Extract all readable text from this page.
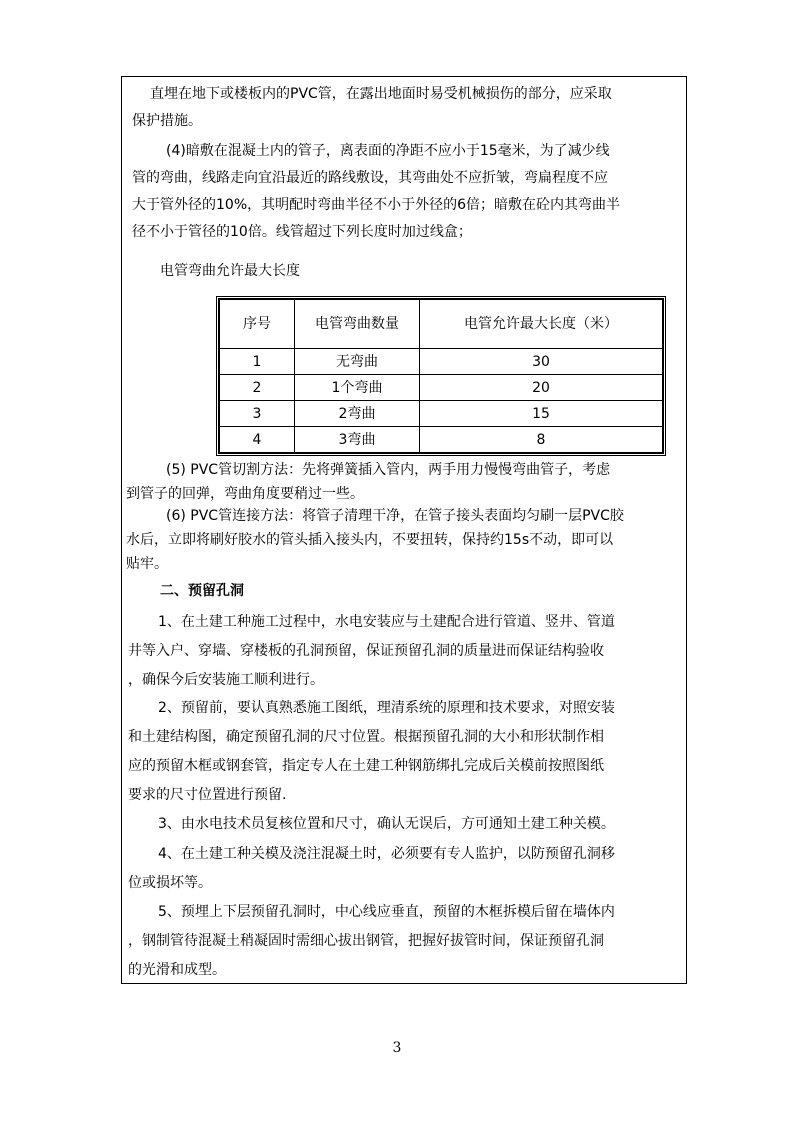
直埋在地下或楼板内的PVC管，在露出地面时易受机械损伤的部分，应采取
保护措施。

(4)暗敷在混凝土内的管子，离表面的净距不应小于15毫米，为了减少线
管的弯曲，线路走向宜沿最近的路线敷设，其弯曲处不应折皱，弯扁程度不应
大于管外径的10%，其明配时弯曲半径不小于外径的6倍；暗敷在砼内其弯曲半
径不小于管径的10倍。线管超过下列长度时加过线盒；

电管弯曲允许最大长度
序号	电管弯曲数量	电管允许最大长度（米）
1	无弯曲	30
2	1个弯曲	20
3	2弯曲	15
4	3弯曲	8

(5) PVC管切割方法：先将弹簧插入管内，两手用力慢慢弯曲管子，考虑
到管子的回弹，弯曲角度要稍过一些。

(6) PVC管连接方法：将管子清理干净，在管子接头表面均匀刷一层PVC胶
水后，立即将刷好胶水的管头插入接头内，不要扭转，保持约15s不动，即可以
贴牢。

二、预留孔洞

1、在土建工种施工过程中，水电安装应与土建配合进行管道、竖井、管道
井等入户、穿墙、穿楼板的孔洞预留，保证预留孔洞的质量进而保证结构验收
，确保今后安装施工顺利进行。

2、预留前，要认真熟悉施工图纸，理清系统的原理和技术要求，对照安装
和土建结构图，确定预留孔洞的尺寸位置。根据预留孔洞的大小和形状制作相
应的预留木框或钢套管，指定专人在土建工种钢筋绑扎完成后关模前按照图纸
要求的尺寸位置进行预留.

3、由水电技术员复核位置和尺寸，确认无误后，方可通知土建工种关模。

4、在土建工种关模及浇注混凝土时，必须要有专人监护，以防预留孔洞移
位或损坏等。

5、预埋上下层预留孔洞时，中心线应垂直，预留的木框拆模后留在墙体内
，钢制管待混凝土稍凝固时需细心拔出钢管，把握好拔管时间，保证预留孔洞
的光滑和成型。

3
